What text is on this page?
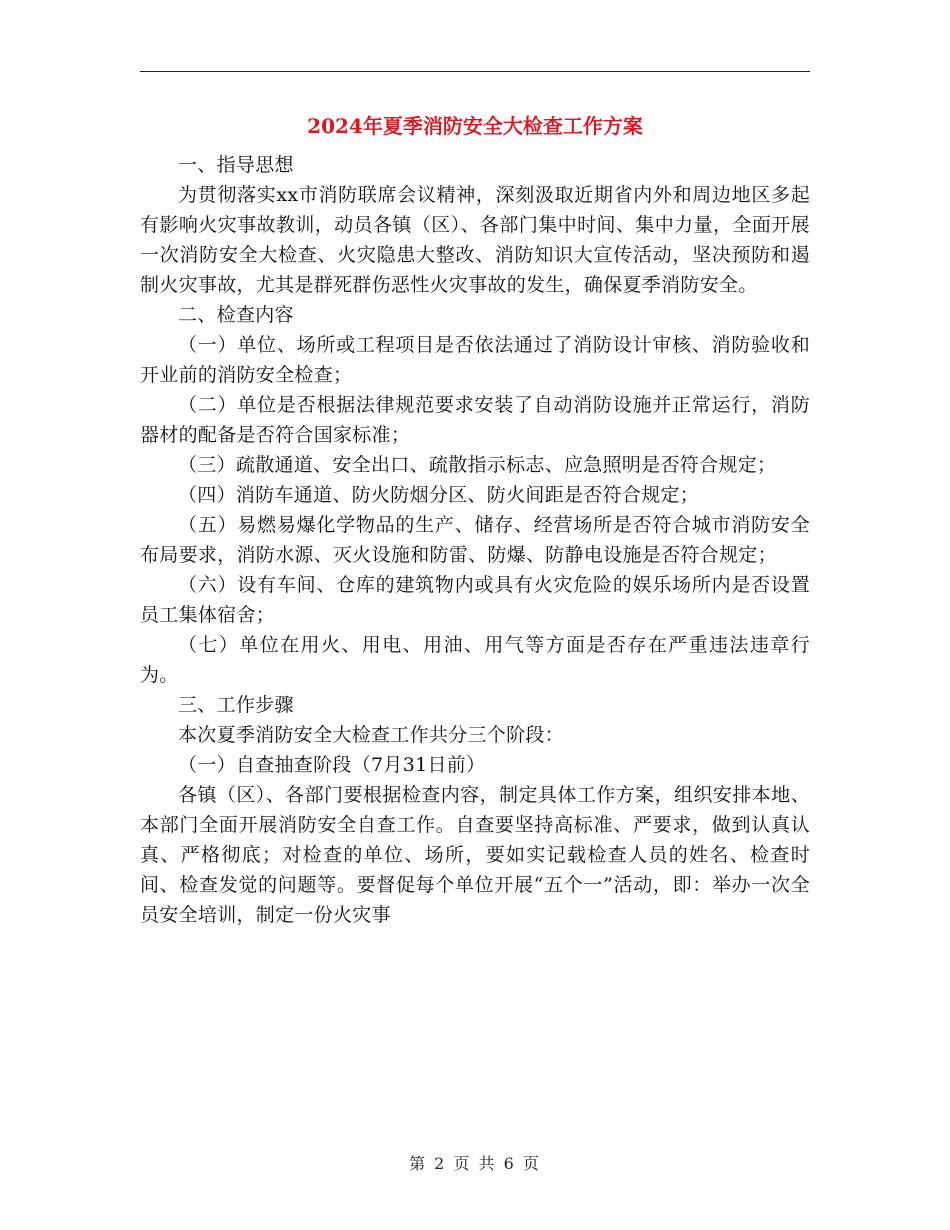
2024年夏季消防安全大检查工作方案

一、指导思想

为贯彻落实xx市消防联席会议精神，深刻汲取近期省内外和周边地区多起有影响火灾事故教训，动员各镇（区）、各部门集中时间、集中力量，全面开展一次消防安全大检查、火灾隐患大整改、消防知识大宣传活动，坚决预防和遏制火灾事故，尤其是群死群伤恶性火灾事故的发生，确保夏季消防安全。

二、检查内容

（一）单位、场所或工程项目是否依法通过了消防设计审核、消防验收和开业前的消防安全检查；

（二）单位是否根据法律规范要求安装了自动消防设施并正常运行，消防器材的配备是否符合国家标准；

（三）疏散通道、安全出口、疏散指示标志、应急照明是否符合规定；

（四）消防车通道、防火防烟分区、防火间距是否符合规定；

（五）易燃易爆化学物品的生产、储存、经营场所是否符合城市消防安全布局要求，消防水源、灭火设施和防雷、防爆、防静电设施是否符合规定；

（六）设有车间、仓库的建筑物内或具有火灾危险的娱乐场所内是否设置员工集体宿舍；

（七）单位在用火、用电、用油、用气等方面是否存在严重违法违章行为。

三、工作步骤

本次夏季消防安全大检查工作共分三个阶段：

（一）自查抽查阶段（7月31日前）

各镇（区）、各部门要根据检查内容，制定具体工作方案，组织安排本地、本部门全面开展消防安全自查工作。自查要坚持高标准、严要求，做到认真认真、严格彻底；对检查的单位、场所，要如实记载检查人员的姓名、检查时间、检查发觉的问题等。要督促每个单位开展“五个一”活动，即：举办一次全员安全培训，制定一份火灾事

第 2 页 共 6 页
